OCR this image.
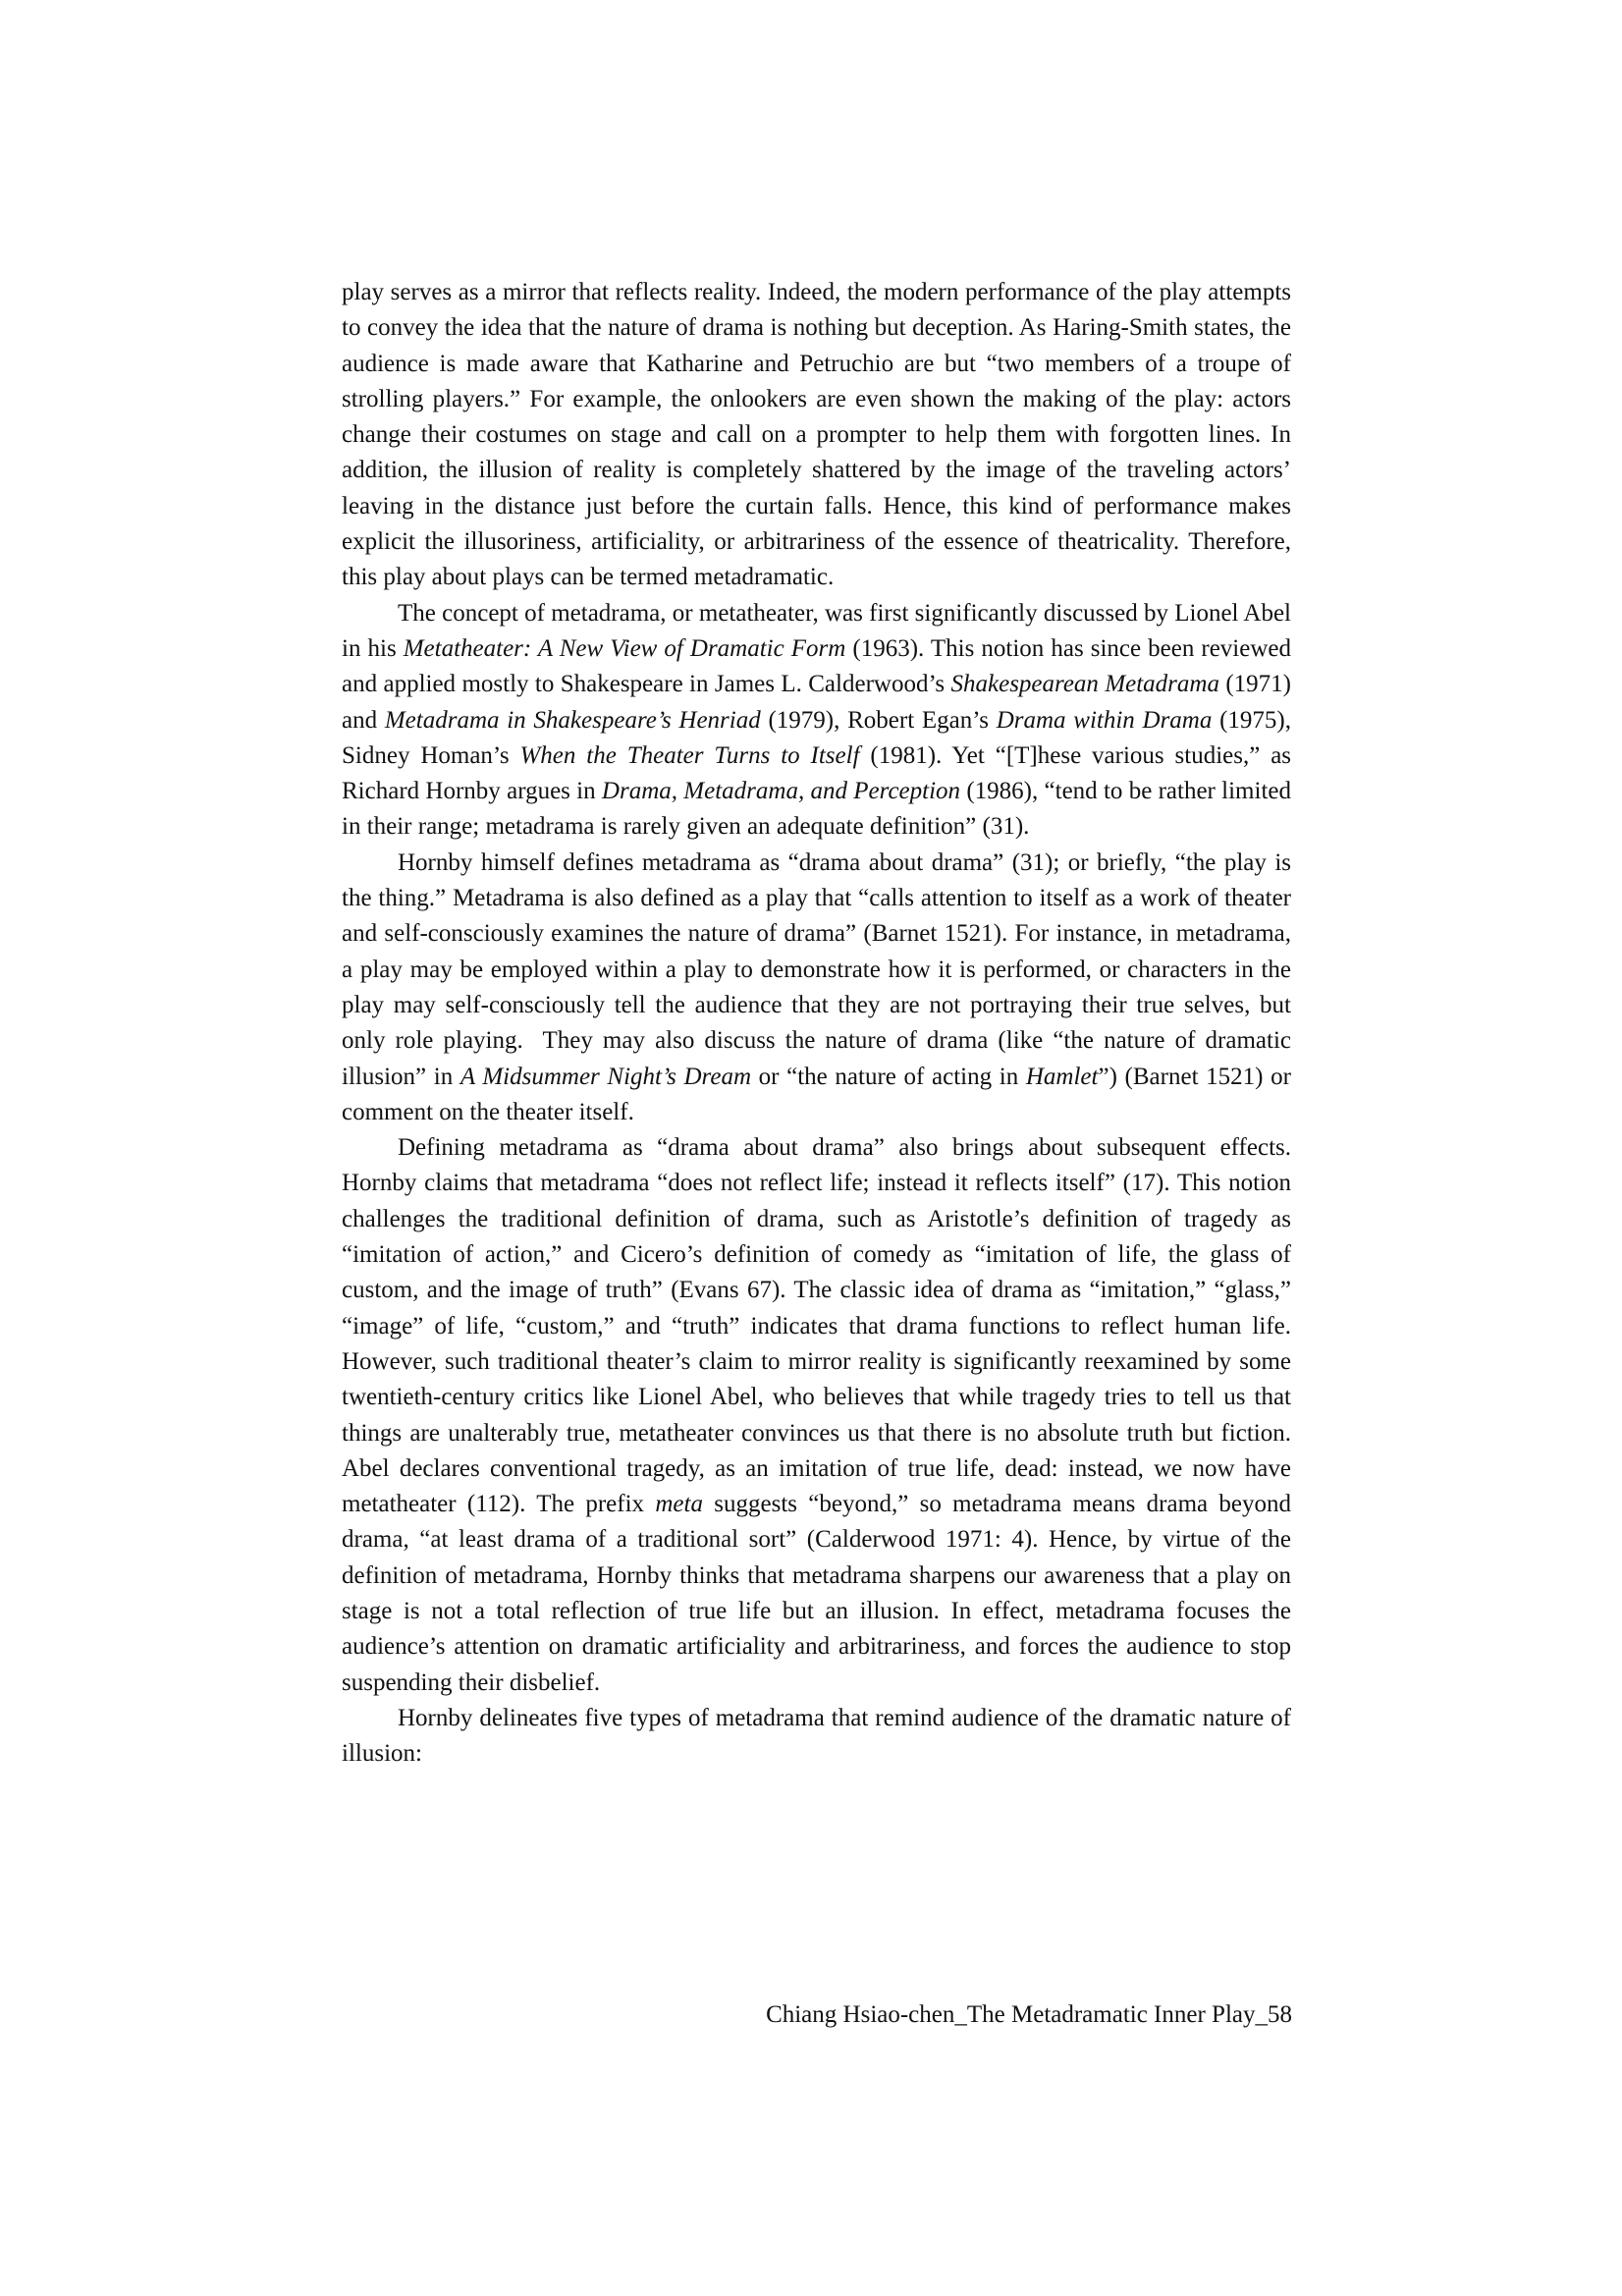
play serves as a mirror that reflects reality. Indeed, the modern performance of the play attempts to convey the idea that the nature of drama is nothing but deception. As Haring-Smith states, the audience is made aware that Katharine and Petruchio are but “two members of a troupe of strolling players.” For example, the onlookers are even shown the making of the play: actors change their costumes on stage and call on a prompter to help them with forgotten lines. In addition, the illusion of reality is completely shattered by the image of the traveling actors’ leaving in the distance just before the curtain falls. Hence, this kind of performance makes explicit the illusoriness, artificiality, or arbitrariness of the essence of theatricality. Therefore, this play about plays can be termed metadramatic.

The concept of metadrama, or metatheater, was first significantly discussed by Lionel Abel in his Metatheater: A New View of Dramatic Form (1963). This notion has since been reviewed and applied mostly to Shakespeare in James L. Calderwood’s Shakespearean Metadrama (1971) and Metadrama in Shakespeare’s Henriad (1979), Robert Egan’s Drama within Drama (1975), Sidney Homan’s When the Theater Turns to Itself (1981). Yet “[T]hese various studies,” as Richard Hornby argues in Drama, Metadrama, and Perception (1986), “tend to be rather limited in their range; metadrama is rarely given an adequate definition” (31).

Hornby himself defines metadrama as “drama about drama” (31); or briefly, “the play is the thing.” Metadrama is also defined as a play that “calls attention to itself as a work of theater and self-consciously examines the nature of drama” (Barnet 1521). For instance, in metadrama, a play may be employed within a play to demonstrate how it is performed, or characters in the play may self-consciously tell the audience that they are not portraying their true selves, but only role playing.  They may also discuss the nature of drama (like “the nature of dramatic illusion” in A Midsummer Night’s Dream or “the nature of acting in Hamlet”) (Barnet 1521) or comment on the theater itself.

Defining metadrama as “drama about drama” also brings about subsequent effects. Hornby claims that metadrama “does not reflect life; instead it reflects itself” (17). This notion challenges the traditional definition of drama, such as Aristotle’s definition of tragedy as “imitation of action,” and Cicero’s definition of comedy as “imitation of life, the glass of custom, and the image of truth” (Evans 67). The classic idea of drama as “imitation,” “glass,” “image” of life, “custom,” and “truth” indicates that drama functions to reflect human life. However, such traditional theater’s claim to mirror reality is significantly reexamined by some twentieth-century critics like Lionel Abel, who believes that while tragedy tries to tell us that things are unalterably true, metatheater convinces us that there is no absolute truth but fiction. Abel declares conventional tragedy, as an imitation of true life, dead: instead, we now have metatheater (112). The prefix meta suggests “beyond,” so metadrama means drama beyond drama, “at least drama of a traditional sort” (Calderwood 1971: 4). Hence, by virtue of the definition of metadrama, Hornby thinks that metadrama sharpens our awareness that a play on stage is not a total reflection of true life but an illusion. In effect, metadrama focuses the audience’s attention on dramatic artificiality and arbitrariness, and forces the audience to stop suspending their disbelief.

Hornby delineates five types of metadrama that remind audience of the dramatic nature of illusion:

Chiang Hsiao-chen_The Metadramatic Inner Play_58
